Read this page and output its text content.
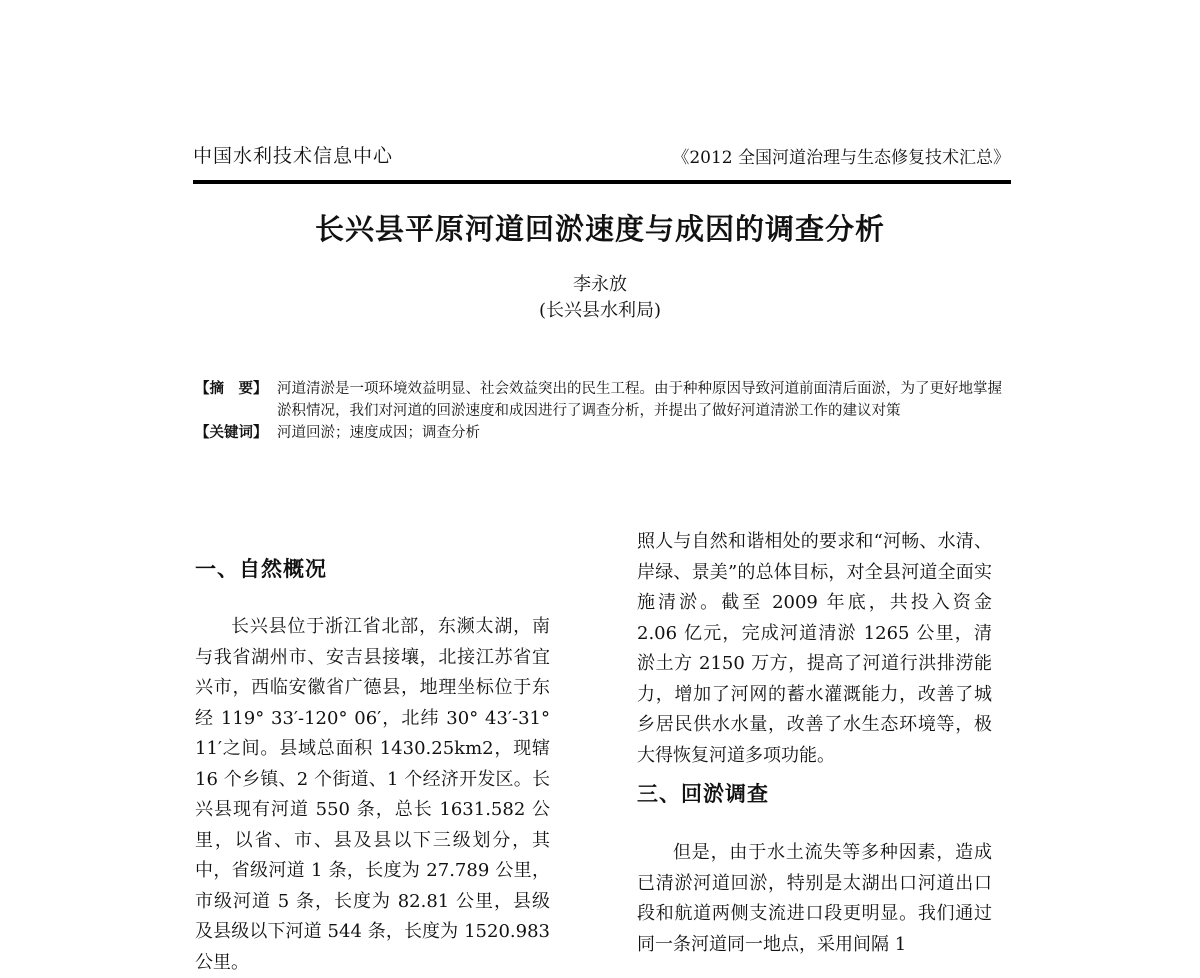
中国水利技术信息中心	《2012 全国河道治理与生态修复技术汇总》
长兴县平原河道回淤速度与成因的调查分析
李永放
(长兴县水利局)
【摘　要】 河道清淤是一项环境效益明显、社会效益突出的民生工程。由于种种原因导致河道前面清后面淤，为了更好地掌握淤积情况，我们对河道的回淤速度和成因进行了调查分析，并提出了做好河道清淤工作的建议对策
【关键词】 河道回淤；速度成因；调查分析
一、自然概况

长兴县位于浙江省北部，东濒太湖，南与我省湖州市、安吉县接壤，北接江苏省宜兴市，西临安徽省广德县，地理坐标位于东经 119° 33′-120° 06′，北纬 30° 43′-31° 11′之间。县域总面积 1430.25km2，现辖 16 个乡镇、2 个街道、1 个经济开发区。长兴县现有河道 550 条，总长 1631.582 公里，以省、市、县及县以下三级划分，其中，省级河道 1 条，长度为 27.789 公里，市级河道 5 条，长度为 82.81 公里，县级及县级以下河道 544 条，长度为 1520.983 公里。

照人与自然和谐相处的要求和“河畅、水清、岸绿、景美”的总体目标，对全县河道全面实施清淤。截至 2009 年底，共投入资金 2.06 亿元，完成河道清淤 1265 公里，清淤土方 2150 万方，提高了河道行洪排涝能力，增加了河网的蓄水灌溉能力，改善了城乡居民供水水量，改善了水生态环境等，极大得恢复河道多项功能。

三、回淤调查

但是，由于水土流失等多种因素，造成已清淤河道回淤，特别是太湖出口河道出口段和航道两侧支流进口段更明显。我们通过同一条河道同一地点，采用间隔 1
